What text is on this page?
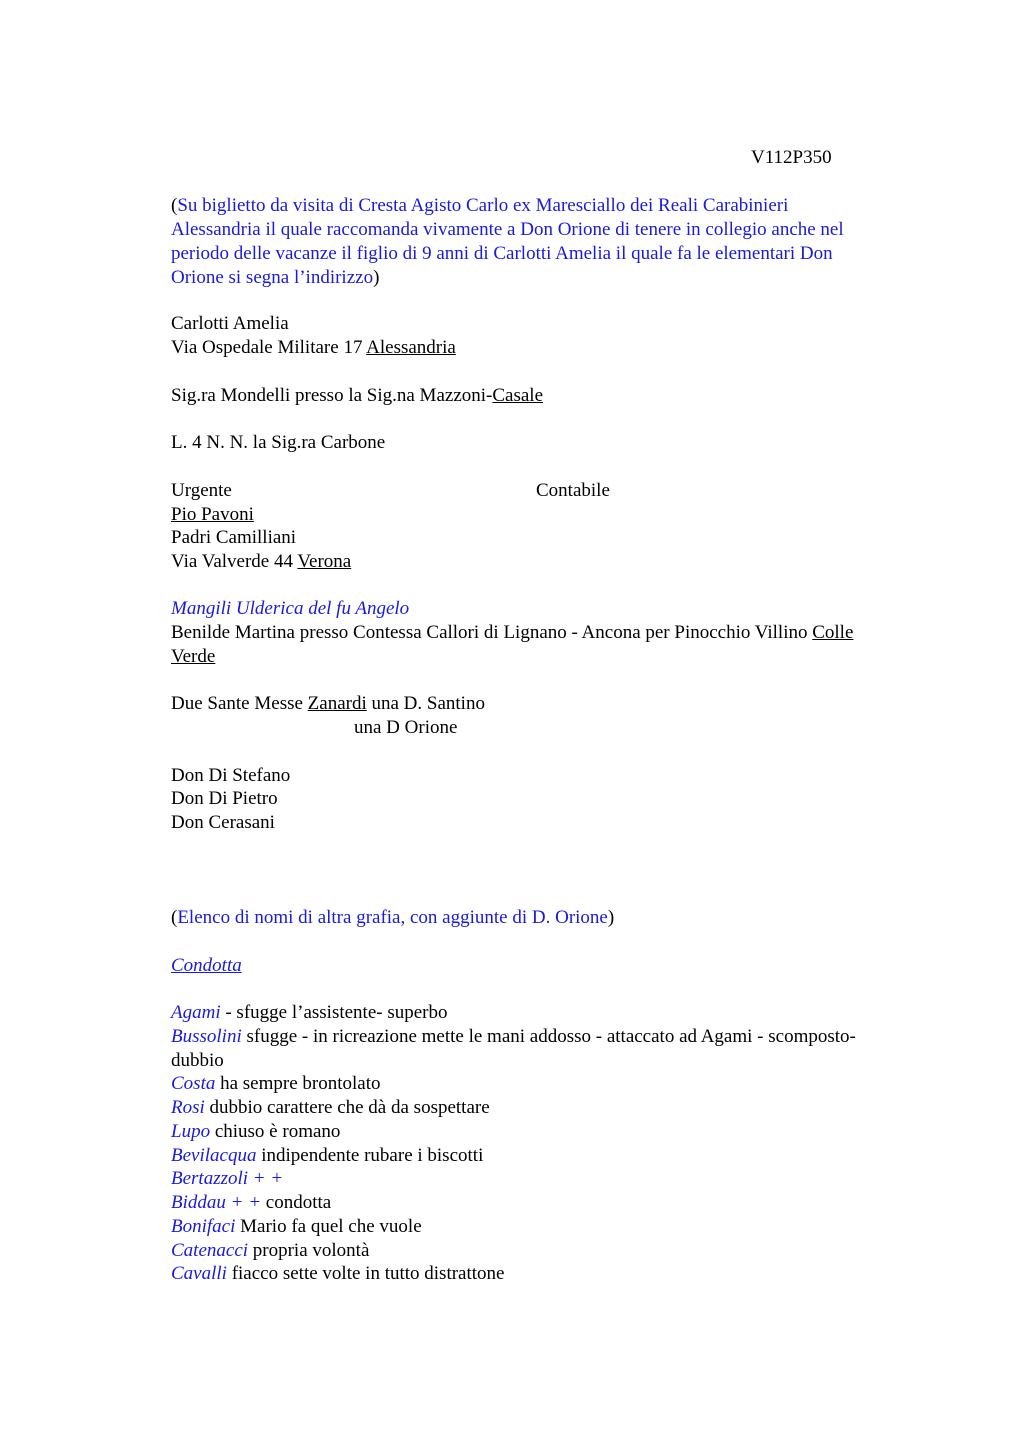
V112P350
(Su biglietto da visita di Cresta Agisto Carlo ex Maresciallo dei Reali Carabinieri
Alessandria il quale raccomanda vivamente a Don Orione di tenere in collegio anche nel
periodo delle vacanze il figlio di 9 anni di Carlotti Amelia il quale fa le elementari Don
Orione si segna l’indirizzo)
Carlotti Amelia
Via Ospedale Militare 17 Alessandria
Sig.ra Mondelli presso la Sig.na Mazzoni-Casale
L. 4 N. N. la Sig.ra Carbone
Urgente	Contabile
Pio Pavoni
Padri Camilliani
Via Valverde 44 Verona
Mangili Ulderica del fu Angelo
Benilde Martina presso Contessa Callori di Lignano - Ancona per Pinocchio Villino Colle
Verde
Due Sante Messe Zanardi una D. Santino
una D Orione
Don Di Stefano
Don Di Pietro
Don Cerasani
(Elenco di nomi di altra grafia, con aggiunte di D. Orione)
Condotta
Agami - sfugge l’assistente- superbo
Bussolini sfugge - in ricreazione mette le mani addosso - attaccato ad Agami - scomposto-
dubbio
Costa ha sempre brontolato
Rosi dubbio carattere che dà da sospettare
Lupo chiuso è romano
Bevilacqua indipendente rubare i biscotti
Bertazzoli + +
Biddau + + condotta
Bonifaci Mario fa quel che vuole
Catenacci propria volontà
Cavalli fiacco sette volte in tutto distrattone
